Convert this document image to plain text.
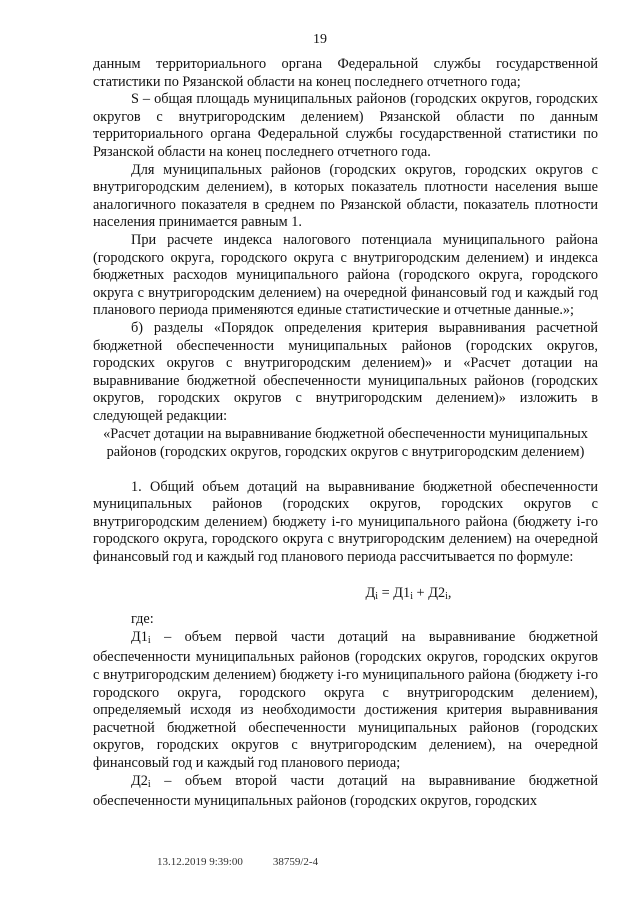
19

данным территориального органа Федеральной службы государственной статистики по Рязанской области на конец последнего отчетного года;

S – общая площадь муниципальных районов (городских округов, городских округов с внутригородским делением) Рязанской области по данным территориального органа Федеральной службы государственной статистики по Рязанской области на конец последнего отчетного года.

Для муниципальных районов (городских округов, городских округов с внутригородским делением), в которых показатель плотности населения выше аналогичного показателя в среднем по Рязанской области, показатель плотности населения принимается равным 1.

При расчете индекса налогового потенциала муниципального района (городского округа, городского округа с внутригородским делением) и индекса бюджетных расходов муниципального района (городского округа, городского округа с внутригородским делением) на очередной финансовый год и каждый год планового периода применяются единые статистические и отчетные данные.»;

б) разделы «Порядок определения критерия выравнивания расчетной бюджетной обеспеченности муниципальных районов (городских округов, городских округов с внутригородским делением)» и «Расчет дотации на выравнивание бюджетной обеспеченности муниципальных районов (городских округов, городских округов с внутригородским делением)» изложить в следующей редакции:

«Расчет дотации на выравнивание бюджетной обеспеченности муниципальных районов (городских округов, городских округов с внутригородским делением)

1. Общий объем дотаций на выравнивание бюджетной обеспеченности муниципальных районов (городских округов, городских округов с внутригородским делением) бюджету i-го муниципального района (бюджету i-го городского округа, городского округа с внутригородским делением) на очередной финансовый год и каждый год планового периода рассчитывается по формуле:

$Д_i = Д1_i + Д2_i$,

где:

$Д1_i$ – объем первой части дотаций на выравнивание бюджетной обеспеченности муниципальных районов (городских округов, городских округов с внутригородским делением) бюджету i-го муниципального района (бюджету i-го городского округа, городского округа с внутригородским делением), определяемый исходя из необходимости достижения критерия выравнивания расчетной бюджетной обеспеченности муниципальных районов (городских округов, городских округов с внутригородским делением), на очередной финансовый год и каждый год планового периода;

$Д2_i$ – объем второй части дотаций на выравнивание бюджетной обеспеченности муниципальных районов (городских округов, городских

13.12.2019 9:39:00	38759/2-4
